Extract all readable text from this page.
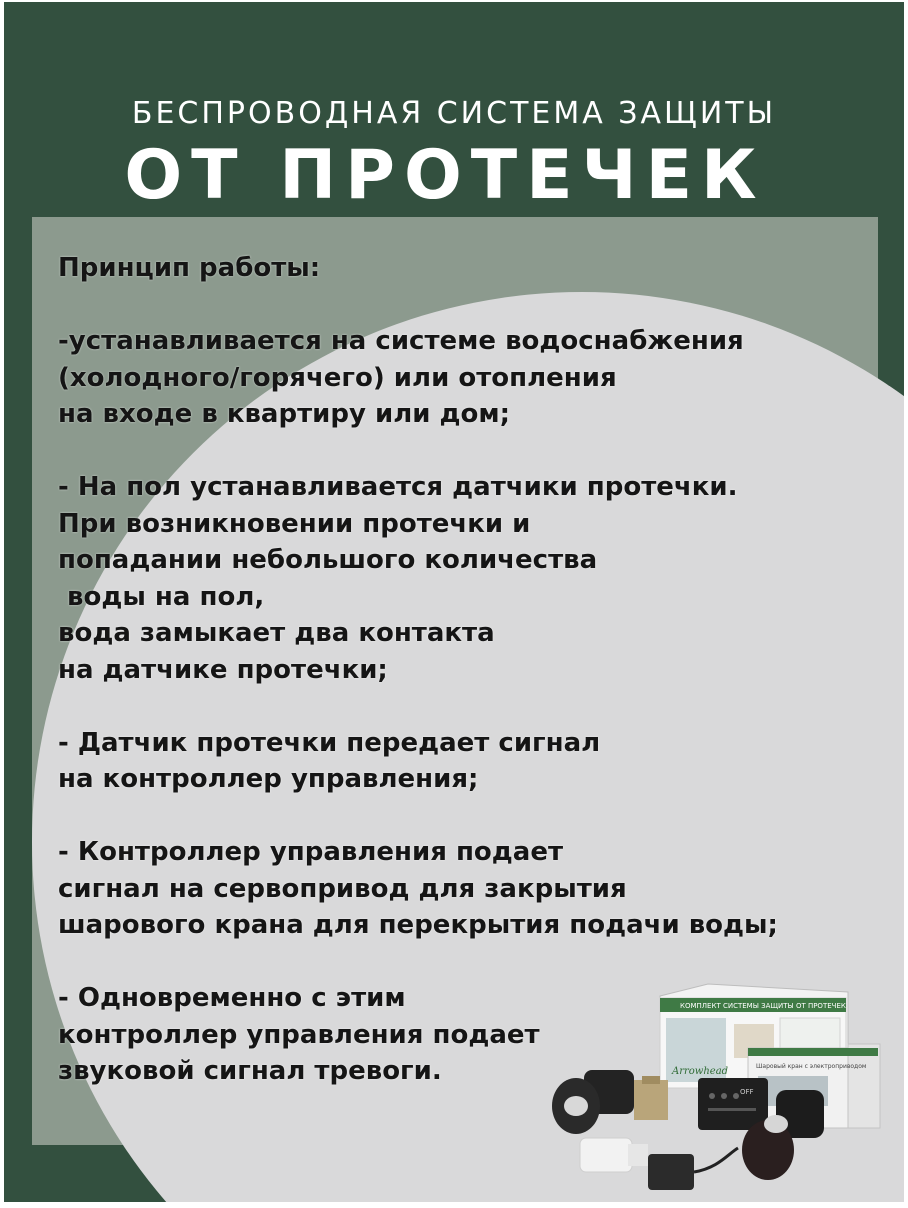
БЕСПРОВОДНАЯ СИСТЕМА ЗАЩИТЫ
ОТ ПРОТЕЧЕК
Принцип работы:
-устанавливается на системе водоснабжения
(холодного/горячего) или отопления
на входе в квартиру или дом;
- На пол устанавливается датчики протечки.
При возникновении протечки и
попадании небольшого количества
воды на пол,
вода замыкает два контакта
на датчике протечки;
- Датчик протечки передает сигнал
на контроллер управления;
- Контроллер управления подает
сигнал на сервопривод для закрытия
шарового крана для перекрытия подачи воды;
- Одновременно с этим
контроллер управления подает
звуковой сигнал тревоги.
КОМПЛЕКТ СИСТЕМЫ ЗАЩИТЫ ОТ ПРОТЕЧЕК
Arrowhead	Шаровый кран с электроприводом
OFF
